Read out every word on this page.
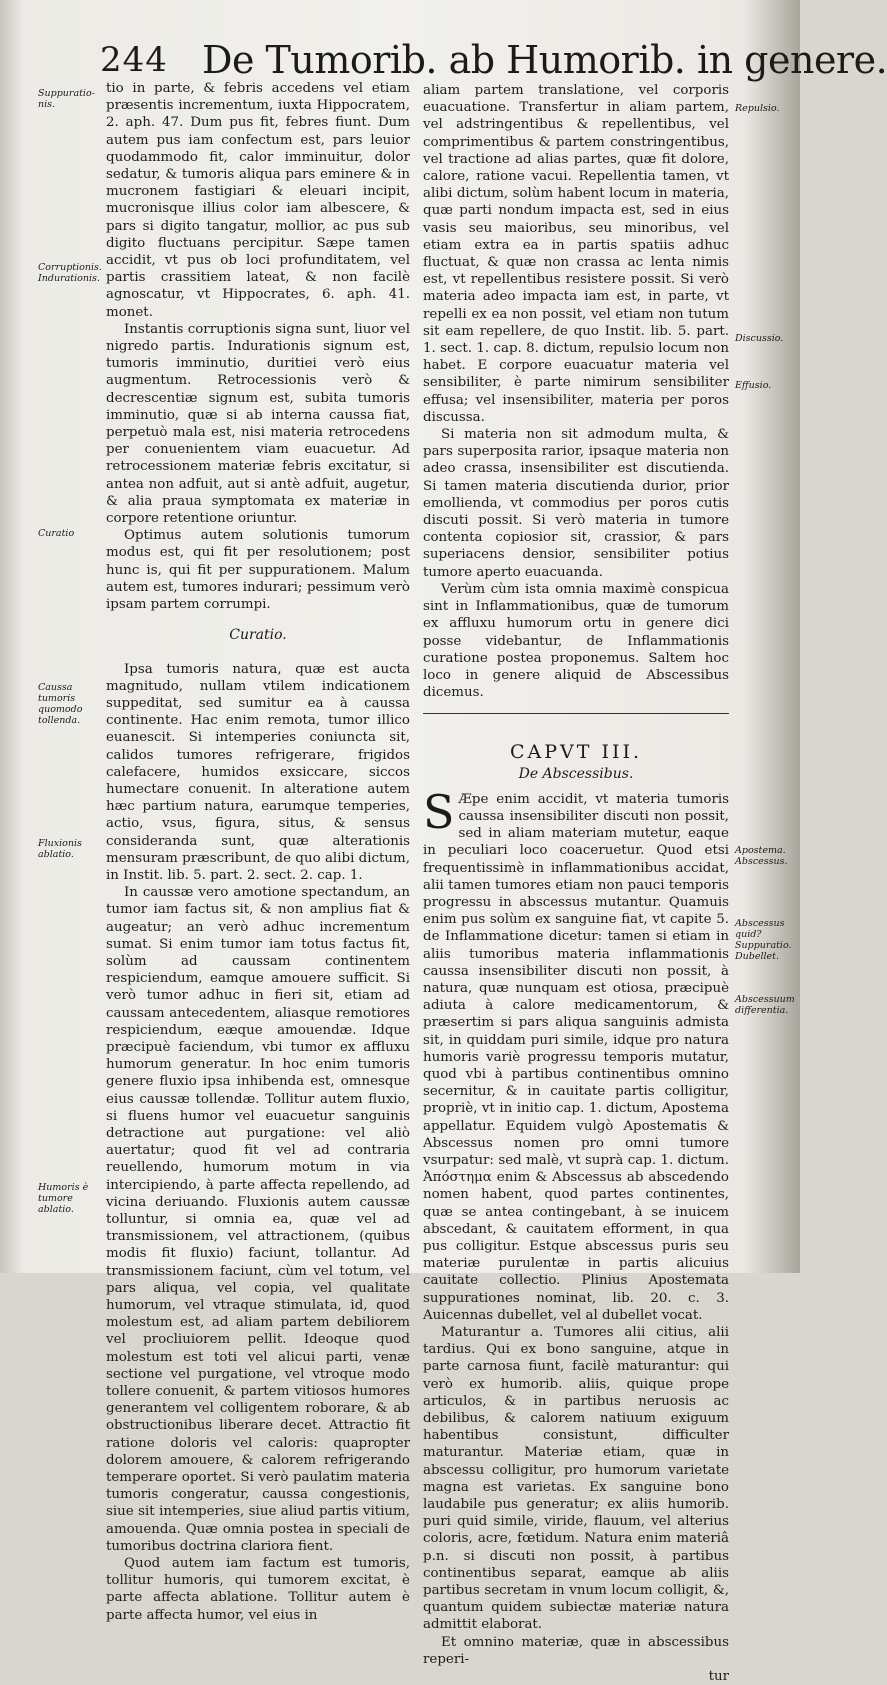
244 De Tumorib. ab Humorib. in genere.

tio in parte, & febris accedens vel etiam præsentis incrementum, iuxta Hippocratem, 2. aph. 47. Dum pus fit, febres fiunt. Dum autem pus iam confectum est, pars leuior quodammodo fit, calor imminuitur, dolor sedatur, & tumoris aliqua pars eminere & in mucronem fastigiari & eleuari incipit, mucronisque illius color iam albescere, & pars si digito tangatur, mollior, ac pus sub digito fluctuans percipitur. Sæpe tamen accidit, vt pus ob loci profunditatem, vel partis crassitiem lateat, & non facilè agnoscatur, vt Hippocrates, 6. aph. 41. monet.

Instantis corruptionis signa sunt, liuor vel nigredo partis. Indurationis signum est, tumoris imminutio, duritiei verò eius augmentum. Retrocessionis verò & decrescentiæ signum est, subita tumoris imminutio, quæ si ab interna caussa fiat, perpetuò mala est, nisi materia retrocedens per conuenientem viam euacuetur. Ad retrocessionem materiæ febris excitatur, si antea non adfuit, aut si antè adfuit, augetur, & alia praua symptomata ex materiæ in corpore retentione oriuntur.

Optimus autem solutionis tumorum modus est, qui fit per resolutionem; post hunc is, qui fit per suppurationem. Malum autem est, tumores indurari; pessimum verò ipsam partem corrumpi.

Curatio.

Ipsa tumoris natura, quæ est aucta magnitudo, nullam vtilem indicationem suppeditat, sed sumitur ea à caussa continente. Hac enim remota, tumor illico euanescit. Si intemperies coniuncta sit, calidos tumores refrigerare, frigidos calefacere, humidos exsiccare, siccos humectare conuenit. In alteratione autem hæc partium natura, earumque temperies, actio, vsus, figura, situs, & sensus consideranda sunt, quæ alterationis mensuram præscribunt, de quo alibi dictum, in Instit. lib. 5. part. 2. sect. 2. cap. 1.

In caussæ vero amotione spectandum, an tumor iam factus sit, & non amplius fiat & augeatur; an verò adhuc incrementum sumat. Si enim tumor iam totus factus fit, solùm ad caussam continentem respiciendum, eamque amouere sufficit. Si verò tumor adhuc in fieri sit, etiam ad caussam antecedentem, aliasque remotiores respiciendum, eæque amouendæ. Idque præcipuè faciendum, vbi tumor ex affluxu humorum generatur. In hoc enim tumoris genere fluxio ipsa inhibenda est, omnesque eius caussæ tollendæ. Tollitur autem fluxio, si fluens humor vel euacuetur sanguinis detractione aut purgatione: vel aliò auertatur; quod fit vel ad contraria reuellendo, humorum motum in via intercipiendo, à parte affecta repellendo, ad vicina deriuando. Fluxionis autem caussæ tolluntur, si omnia ea, quæ vel ad transmissionem, vel attractionem, (quibus modis fit fluxio) faciunt, tollantur. Ad transmissionem faciunt, cùm vel totum, vel pars aliqua, vel copia, vel qualitate humorum, vel vtraque stimulata, id, quod molestum est, ad aliam partem debiliorem vel procliuiorem pellit. Ideoque quod molestum est toti vel alicui parti, venæ sectione vel purgatione, vel vtroque modo tollere conuenit, & partem vitiosos humores generantem vel colligentem roborare, & ab obstructionibus liberare decet. Attractio fit ratione doloris vel caloris: quapropter dolorem amouere, & calorem refrigerando temperare oportet. Si verò paulatim materia tumoris congeratur, caussa congestionis, siue sit intemperies, siue aliud partis vitium, amouenda. Quæ omnia postea in speciali de tumoribus doctrina clariora fient.

Quod autem iam factum est tumoris, tollitur humoris, qui tumorem excitat, è parte affecta ablatione. Tollitur autem è parte affecta humor, vel eius in

aliam partem translatione, vel corporis euacuatione. Transfertur in aliam partem, vel adstringentibus & repellentibus, vel comprimentibus & partem constringentibus, vel tractione ad alias partes, quæ fit dolore, calore, ratione vacui. Repellentia tamen, vt alibi dictum, solùm habent locum in materia, quæ parti nondum impacta est, sed in eius vasis seu maioribus, seu minoribus, vel etiam extra ea in partis spatiis adhuc fluctuat, & quæ non crassa ac lenta nimis est, vt repellentibus resistere possit. Si verò materia adeo impacta iam est, in parte, vt repelli ex ea non possit, vel etiam non tutum sit eam repellere, de quo Instit. lib. 5. part. 1. sect. 1. cap. 8. dictum, repulsio locum non habet. E corpore euacuatur materia vel sensibiliter, è parte nimirum sensibiliter effusa; vel insensibiliter, materia per poros discussa.

Si materia non sit admodum multa, & pars superposita rarior, ipsaque materia non adeo crassa, insensibiliter est discutienda. Si tamen materia discutienda durior, prior emollienda, vt commodius per poros cutis discuti possit. Si verò materia in tumore contenta copiosior sit, crassior, & pars superiacens densior, sensibiliter potius tumore aperto euacuanda.

Verùm cùm ista omnia maximè conspicua sint in Inflammationibus, quæ de tumorum ex affluxu humorum ortu in genere dici posse videbantur, de Inflammationis curatione postea proponemus. Saltem hoc loco in genere aliquid de Abscessibus dicemus.

CAPVT III.
De Abscessibus.

S Æpe enim accidit, vt materia tumoris caussa insensibiliter discuti non possit, sed in aliam materiam mutetur, eaque in peculiari loco coaceruetur. Quod etsi frequentissimè in inflammationibus accidat, alii tamen tumores etiam non pauci temporis progressu in abscessus mutantur. Quamuis enim pus solùm ex sanguine fiat, vt capite 5. de Inflammatione dicetur: tamen si etiam in aliis tumoribus materia inflammationis caussa insensibiliter discuti non possit, à natura, quæ nunquam est otiosa, præcipuè adiuta à calore medicamentorum, & præsertim si pars aliqua sanguinis admista sit, in quiddam puri simile, idque pro natura humoris variè progressu temporis mutatur, quod vbi à partibus continentibus omnino secernitur, & in cauitate partis colligitur, propriè, vt in initio cap. 1. dictum, Apostema appellatur. Equidem vulgò Apostematis & Abscessus nomen pro omni tumore vsurpatur: sed malè, vt suprà cap. 1. dictum. Ἀπόστημα enim & Abscessus ab abscedendo nomen habent, quod partes continentes, quæ se antea contingebant, à se inuicem abscedant, & cauitatem efforment, in qua pus colligitur. Estque abscessus puris seu materiæ purulentæ in partis alicuius cauitate collectio. Plinius Apostemata suppurationes nominat, lib. 20. c. 3. Auicennas dubellet, vel al dubellet vocat.

Maturantur a. Tumores alii citius, alii tardius. Qui ex bono sanguine, atque in parte carnosa fiunt, facilè maturantur: qui verò ex humorib. aliis, quique prope articulos, & in partibus neruosis ac debilibus, & calorem natiuum exiguum habentibus consistunt, difficulter maturantur. Materiæ etiam, quæ in abscessu colligitur, pro humorum varietate magna est varietas. Ex sanguine bono laudabile pus generatur; ex aliis humorib. puri quid simile, viride, flauum, vel alterius coloris, acre, fœtidum. Natura enim materiâ p.n. si discuti non possit, à partibus continentibus separat, eamque ab aliis partibus secretam in vnum locum colligit, &, quantum quidem subiectæ materiæ natura admittit elaborat.

Et omnino materiæ, quæ in abscessibus reperi-

tur

Suppuratio-nis.
Corruptionis. Indurationis.
Curatio
Caussa tumoris quomodo tollenda.
Fluxionis ablatio.
Humoris è tumore ablatio.
Repulsio.
Discussio.
Effusio.
Apostema. Abscessus.
Abscessus quid? Suppuratio. Dubellet.
Abscessuum differentia.
